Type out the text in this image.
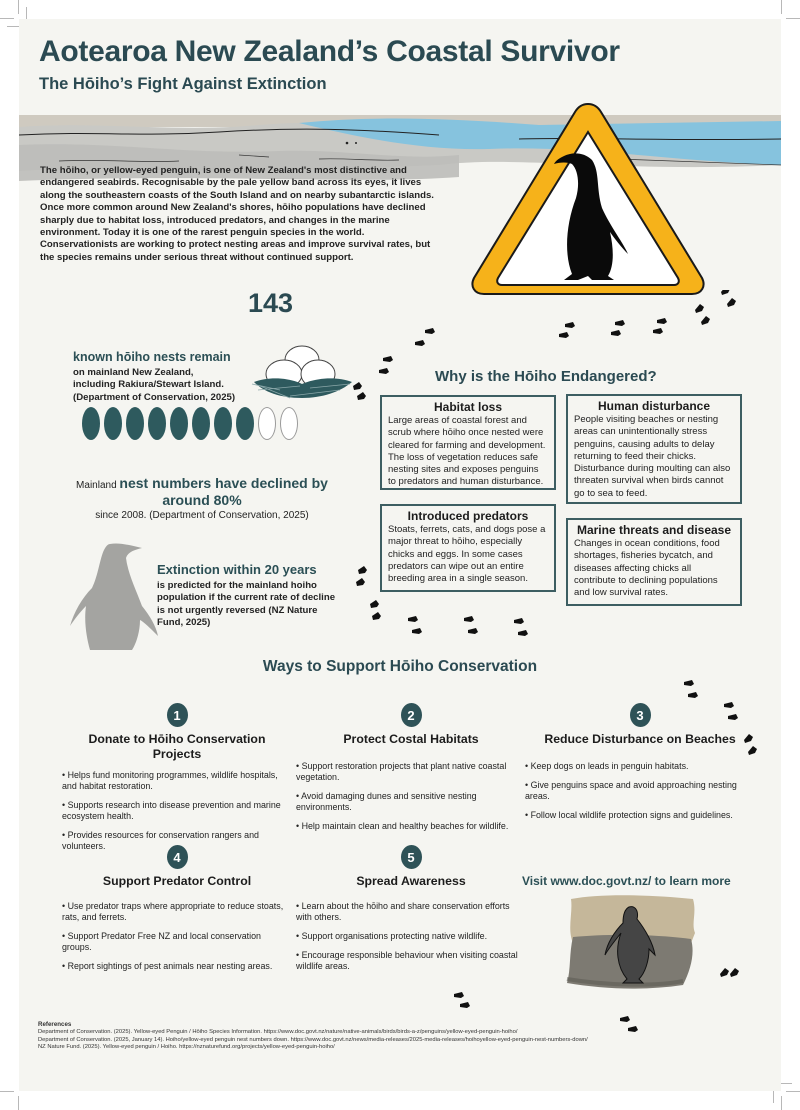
Aotearoa New Zealand’s Coastal Survivor
The Hōiho’s Fight Against Extinction
The hōiho, or yellow-eyed penguin, is one of New Zealand's most distinctive and endangered seabirds. Recognisable by the pale yellow band across its eyes, it lives along the southeastern coasts of the South Island and on nearby subantarctic islands. Once more common around New Zealand's shores, hōiho populations have declined sharply due to habitat loss, introduced predators, and changes in the marine environment. Today it is one of the rarest penguin species in the world. Conservationists are working to protect nesting areas and improve survival rates, but the species remains under serious threat without continued support.
143
known hōiho nests remain
on mainland New Zealand, including Rakiura/Stewart Island. (Department of Conservation, 2025)
Mainland nest numbers have declined by around 80%
since 2008. (Department of Conservation, 2025)
Extinction within 20 years
is predicted for the mainland hoiho population if the current rate of decline is not urgently reversed (NZ Nature Fund, 2025)
Why is the Hōiho Endangered?
Habitat loss

Large areas of coastal forest and scrub where hōiho once nested were cleared for farming and development. The loss of vegetation reduces safe nesting sites and exposes penguins to predators and human disturbance.

Human disturbance

People visiting beaches or nesting areas can unintentionally stress penguins, causing adults to delay returning to feed their chicks. Disturbance during moulting can also threaten survival when birds cannot go to sea to feed.

Introduced predators

Stoats, ferrets, cats, and dogs pose a major threat to hōiho, especially chicks and eggs. In some cases predators can wipe out an entire breeding area in a single season.

Marine threats and disease

Changes in ocean conditions, food shortages, fisheries bycatch, and diseases affecting chicks all contribute to declining populations and low survival rates.

Ways to Support Hōiho Conservation
1
Donate to Hōiho Conservation Projects
• Helps fund monitoring programmes, wildlife hospitals, and habitat restoration.
• Supports research into disease prevention and marine ecosystem health.
• Provides resources for conservation rangers and volunteers.
2
Protect Costal Habitats
• Support restoration projects that plant native coastal vegetation.
• Avoid damaging dunes and sensitive nesting environments.
• Help maintain clean and healthy beaches for wildlife.
3
Reduce Disturbance on Beaches
• Keep dogs on leads in penguin habitats.
• Give penguins space and avoid approaching nesting areas.
• Follow local wildlife protection signs and guidelines.
4
Support Predator Control
• Use predator traps where appropriate to reduce stoats, rats, and ferrets.
• Support Predator Free NZ and local conservation groups.
• Report sightings of pest animals near nesting areas.
5
Spread Awareness
• Learn about the hōiho and share conservation efforts with others.
• Support organisations protecting native wildlife.
• Encourage responsible behaviour when visiting coastal wildlife areas.
Visit www.doc.govt.nz/ to learn more
References
Department of Conservation. (2025). Yellow-eyed Penguin / Hōiho Species Information. https://www.doc.govt.nz/nature/native-animals/birds/birds-a-z/penguins/yellow-eyed-penguin-hoiho/
Department of Conservation. (2025, January 14). Hoiho/yellow-eyed penguin nest numbers down. https://www.doc.govt.nz/news/media-releases/2025-media-releases/hoihoyellow-eyed-penguin-nest-numbers-down/
NZ Nature Fund. (2025). Yellow-eyed penguin / Hoiho. https://nznaturefund.org/projects/yellow-eyed-penguin-hoiho/
